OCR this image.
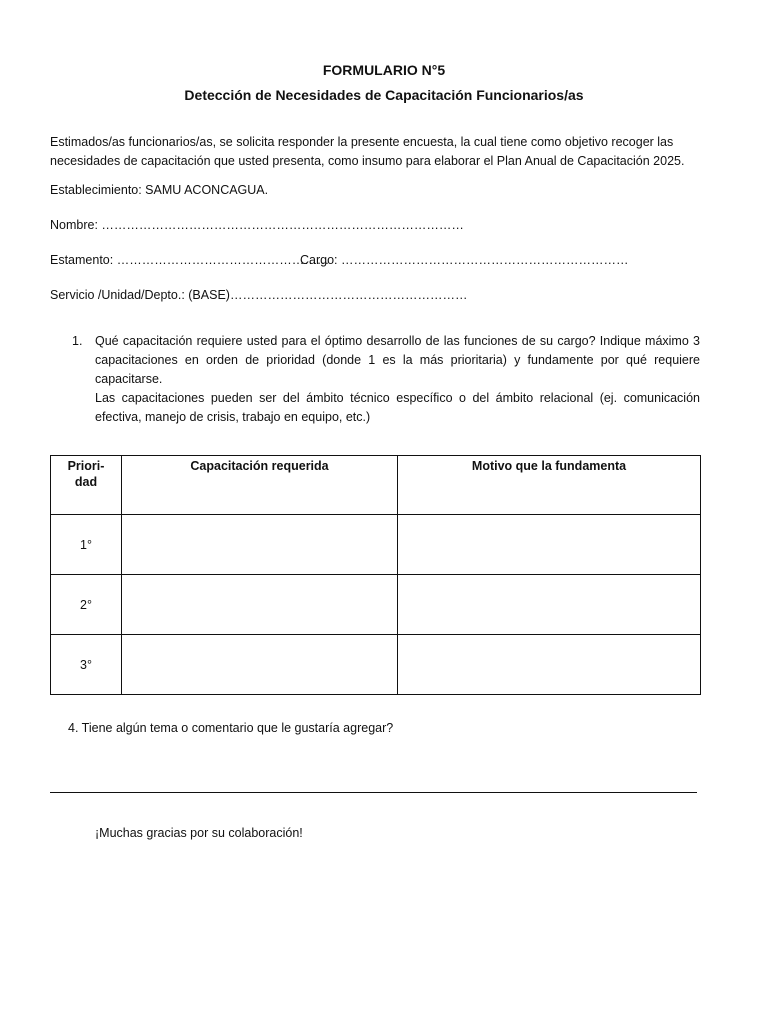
FORMULARIO N°5
Detección de Necesidades de Capacitación Funcionarios/as
Estimados/as funcionarios/as, se solicita responder la presente encuesta, la cual tiene como objetivo recoger las
necesidades de capacitación que usted presenta, como insumo para elaborar el Plan Anual de Capacitación 2025.
Establecimiento: SAMU ACONCAGUA.
Nombre: ……………………………………………………………………………
Estamento: ……………………………………………
Cargo: ……………………………………………………………
Servicio /Unidad/Depto.: (BASE)…………………………………………………
1. Qué capacitación requiere usted para el óptimo desarrollo de las funciones de su cargo? Indique máximo 3
capacitaciones en orden de prioridad (donde 1 es la más prioritaria) y fundamente por qué requiere
capacitarse.
Las capacitaciones pueden ser del ámbito técnico específico o del ámbito relacional (ej. comunicación
efectiva, manejo de crisis, trabajo en equipo, etc.)
Priori-
dad	Capacitación requerida	Motivo que la fundamenta
1°		
2°		
3°		
4. Tiene algún tema o comentario que le gustaría agregar?
¡Muchas gracias por su colaboración!
